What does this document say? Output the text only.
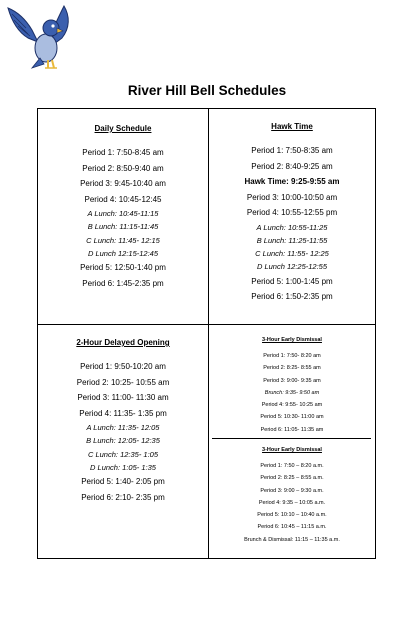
River Hill Bell Schedules
Daily Schedule
Period 1: 7:50-8:45 am
Period 2: 8:50-9:40 am
Period 3: 9:45-10:40 am
Period 4: 10:45-12:45
A Lunch: 10:45-11:15
B Lunch: 11:15-11:45
C Lunch: 11:45- 12:15
D Lunch 12:15-12:45
Period 5: 12:50-1:40 pm
Period 6: 1:45-2:35 pm
Hawk Time
Period 1: 7:50-8:35 am
Period 2: 8:40-9:25 am
Hawk Time: 9:25-9:55 am
Period 3: 10:00-10:50 am
Period 4: 10:55-12:55 pm
A Lunch: 10:55-11:25
B Lunch: 11:25-11:55
C Lunch: 11:55- 12:25
D Lunch 12:25-12:55
Period 5: 1:00-1:45 pm
Period 6: 1:50-2:35 pm
2-Hour Delayed Opening
Period 1: 9:50-10:20 am
Period 2: 10:25- 10:55 am
Period 3: 11:00- 11:30 am
Period 4: 11:35- 1:35 pm
A Lunch: 11:35- 12:05
B Lunch: 12:05- 12:35
C Lunch: 12:35- 1:05
D Lunch: 1:05- 1:35
Period 5: 1:40- 2:05 pm
Period 6: 2:10- 2:35 pm
3-Hour Early Dismissal
Period 1: 7:50- 8:20 am
Period 2: 8:25- 8:55 am
Period 3: 9:00- 9:35 am
Brunch: 9:35- 9:50 am
Period 4: 9:55- 10:25 am
Period 5: 10:30- 11:00 am
Period 6: 11:05- 11:35 am
3-Hour Early Dismissal
Period 1: 7:50 – 8:20 a.m.
Period 2: 8:25 – 8:55 a.m.
Period 3: 9:00 – 9:30 a.m.
Period 4: 9:35 – 10:05 a.m.
Period 5: 10:10 – 10:40 a.m.
Period 6: 10:45 – 11:15 a.m.
Brunch & Dismissal: 11:15 – 11:35 a.m.
